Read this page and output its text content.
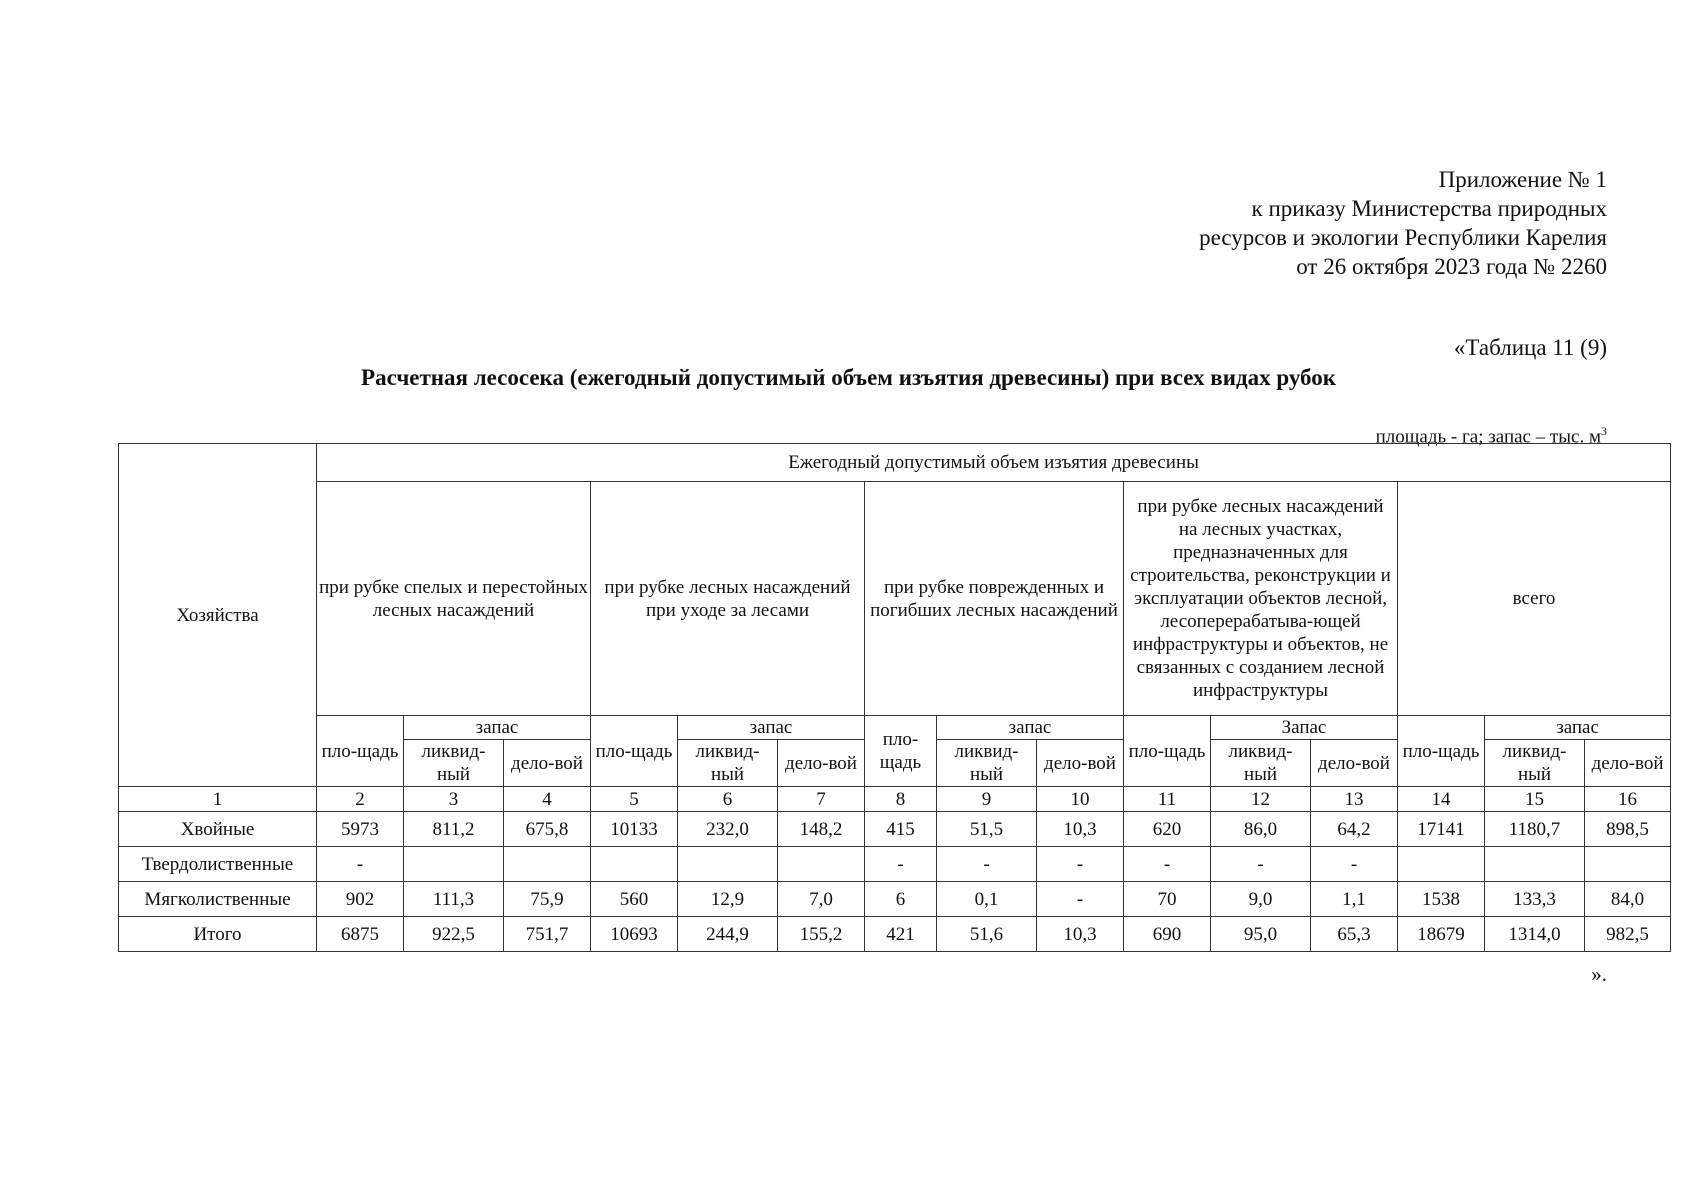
Приложение № 1
к приказу Министерства природных
ресурсов и экологии Республики Карелия
от 26 октября 2023 года № 2260
«Таблица 11 (9)
Расчетная лесосека (ежегодный допустимый объем изъятия древесины) при всех видах рубок
площадь - га; запас – тыс. $м^3$
Хозяйства	Ежегодный допустимый объем изъятия древесины														
	при рубке спелых и перестойных лесных насаждений			при рубке лесных насаждений при уходе за лесами			при рубке поврежденных и погибших лесных насаждений			при рубке лесных насаждений на лесных участках, предназначенных для строительства, реконструкции и эксплуатации объектов лесной, лесоперерабатыва-ющей инфраструктуры и объектов, не связанных с созданием лесной инфраструктуры			всего		
	пло-щадь	запас		пло-щадь	запас		пло-щадь	запас		пло-щадь	Запас		пло-щадь	запас	
		ликвид-ный	дело-вой		ликвид-ный	дело-вой		ликвид-ный	дело-вой		ликвид-ный	дело-вой		ликвид-ный	дело-вой
1	2	3	4	5	6	7	8	9	10	11	12	13	14	15	16
Хвойные	5973	811,2	675,8	10133	232,0	148,2	415	51,5	10,3	620	86,0	64,2	17141	1180,7	898,5
Твердолиственные	-						-	-	-	-	-	-			
Мягколиственные	902	111,3	75,9	560	12,9	7,0	6	0,1	-	70	9,0	1,1	1538	133,3	84,0
Итого	6875	922,5	751,7	10693	244,9	155,2	421	51,6	10,3	690	95,0	65,3	18679	1314,0	982,5
».
